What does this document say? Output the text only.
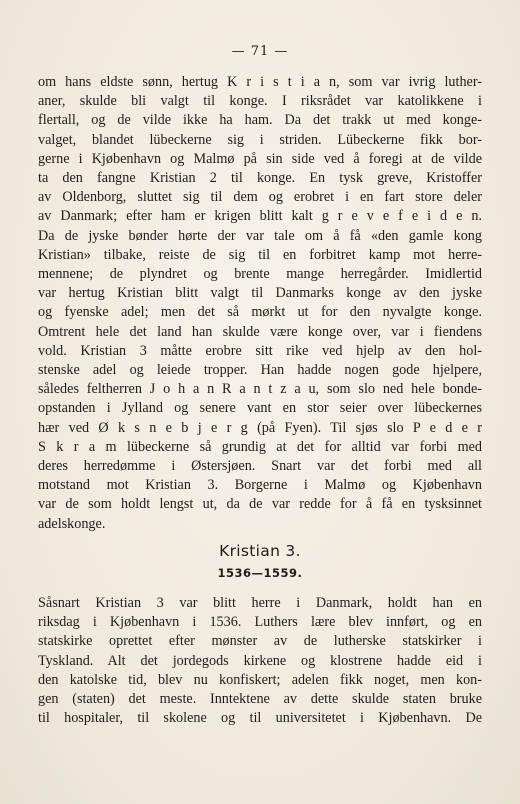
— 71 —

om hans eldste sønn, hertug K r i s t i a n, som var ivrig luther-
aner, skulde bli valgt til konge. I riksrådet var katolikkene i
flertall, og de vilde ikke ha ham. Da det trakk ut med konge-
valget, blandet lübeckerne sig i striden. Lübeckerne fikk bor-
gerne i Kjøbenhavn og Malmø på sin side ved å foregi at de vilde
ta den fangne Kristian 2 til konge. En tysk greve, Kristoffer
av Oldenborg, sluttet sig til dem og erobret i en fart store deler
av Danmark; efter ham er krigen blitt kalt g r e v e f e i d e n.
Da de jyske bønder hørte der var tale om å få «den gamle kong
Kristian» tilbake, reiste de sig til en forbitret kamp mot herre-
mennene; de plyndret og brente mange herregårder. Imidlertid
var hertug Kristian blitt valgt til Danmarks konge av den jyske
og fyenske adel; men det så mørkt ut for den nyvalgte konge.
Omtrent hele det land han skulde være konge over, var i fiendens
vold. Kristian 3 måtte erobre sitt rike ved hjelp av den hol-
stenske adel og leiede tropper. Han hadde nogen gode hjelpere,
således feltherren J o h a n R a n t z a u, som slo ned hele bonde-
opstanden i Jylland og senere vant en stor seier over lübeckernes
hær ved Ø k s n e b j e r g (på Fyen). Til sjøs slo P e d e r
S k r a m lübeckerne så grundig at det for alltid var forbi med
deres herredømme i Østersjøen. Snart var det forbi med all
motstand mot Kristian 3. Borgerne i Malmø og Kjøbenhavn
var de som holdt lengst ut, da de var redde for å få en tysksinnet
adelskonge.
Kristian 3.
1536—1559.
Såsnart Kristian 3 var blitt herre i Danmark, holdt han en
riksdag i Kjøbenhavn i 1536. Luthers lære blev innført, og en
statskirke oprettet efter mønster av de lutherske statskirker i
Tyskland. Alt det jordegods kirkene og klostrene hadde eid i
den katolske tid, blev nu konfiskert; adelen fikk noget, men kon-
gen (staten) det meste. Inntektene av dette skulde staten bruke
til hospitaler, til skolene og til universitetet i Kjøbenhavn. De
